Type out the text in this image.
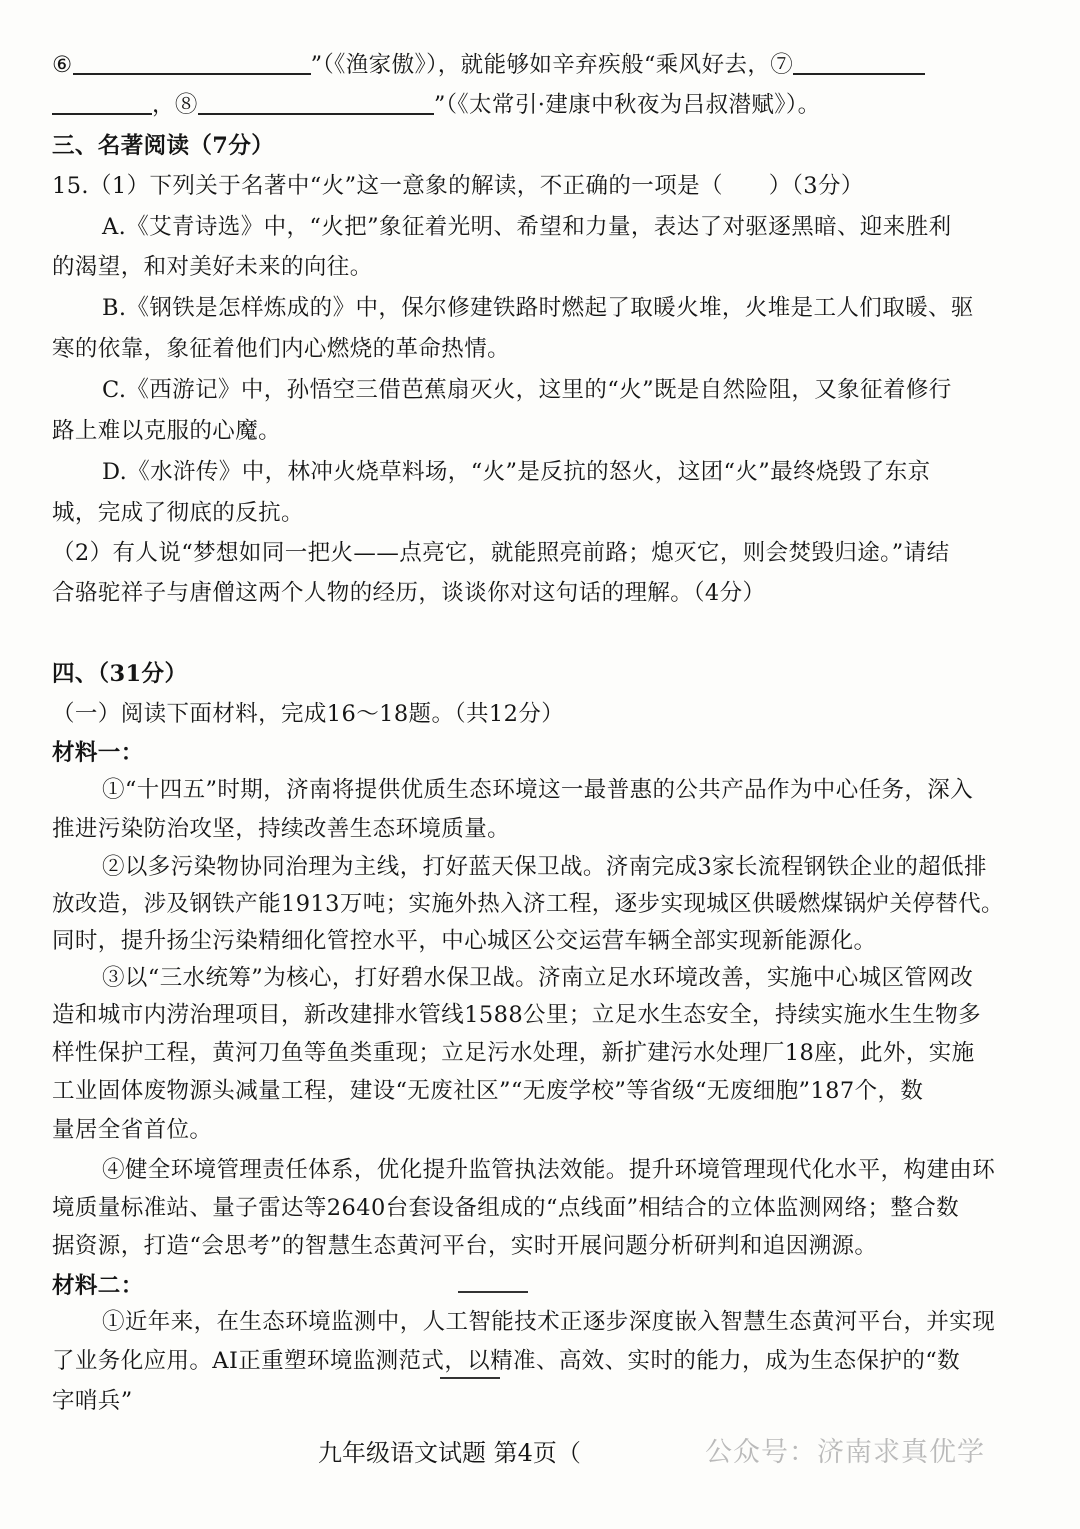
⑥	”（《渔家傲》），就能够如辛弃疾般“乘风好去，⑦
，⑧	”（《太常引·建康中秋夜为吕叔潜赋》）。
三、名著阅读（7分）
15.（1）下列关于名著中“火”这一意象的解读，不正确的一项是（　　）（3分）
A.《艾青诗选》中，“火把”象征着光明、希望和力量，表达了对驱逐黑暗、迎来胜利
的渴望，和对美好未来的向往。
B.《钢铁是怎样炼成的》中，保尔修建铁路时燃起了取暖火堆，火堆是工人们取暖、驱
寒的依靠，象征着他们内心燃烧的革命热情。
C.《西游记》中，孙悟空三借芭蕉扇灭火，这里的“火”既是自然险阻，又象征着修行
路上难以克服的心魔。
D.《水浒传》中，林冲火烧草料场，“火”是反抗的怒火，这团“火”最终烧毁了东京
城，完成了彻底的反抗。
（2）有人说“梦想如同一把火——点亮它，就能照亮前路；熄灭它，则会焚毁归途。”请结
合骆驼祥子与唐僧这两个人物的经历，谈谈你对这句话的理解。（4分）
四、（31分）
（一）阅读下面材料，完成16～18题。（共12分）
材料一：
①“十四五”时期，济南将提供优质生态环境这一最普惠的公共产品作为中心任务，深入
推进污染防治攻坚，持续改善生态环境质量。
②以多污染物协同治理为主线，打好蓝天保卫战。济南完成3家长流程钢铁企业的超低排
放改造，涉及钢铁产能1913万吨；实施外热入济工程，逐步实现城区供暖燃煤锅炉关停替代。
同时，提升扬尘污染精细化管控水平，中心城区公交运营车辆全部实现新能源化。
③以“三水统筹”为核心，打好碧水保卫战。济南立足水环境改善，实施中心城区管网改
造和城市内涝治理项目，新改建排水管线1588公里；立足水生态安全，持续实施水生生物多
样性保护工程，黄河刀鱼等鱼类重现；立足污水处理，新扩建污水处理厂18座，此外，实施
工业固体废物源头减量工程，建设“无废社区”“无废学校”等省级“无废细胞”187个，数
量居全省首位。
④健全环境管理责任体系，优化提升监管执法效能。提升环境管理现代化水平，构建由环
境质量标准站、量子雷达等2640台套设备组成的“点线面”相结合的立体监测网络；整合数
据资源，打造“会思考”的智慧生态黄河平台，实时开展问题分析研判和追因溯源。
材料二：
①近年来，在生态环境监测中，人工智能技术正逐步深度嵌入智慧生态黄河平台，并实现
了业务化应用。AI正重塑环境监测范式，以精准、高效、实时的能力，成为生态保护的“数
字哨兵”
九年级语文试题 第4页（	公众号：济南求真优学
